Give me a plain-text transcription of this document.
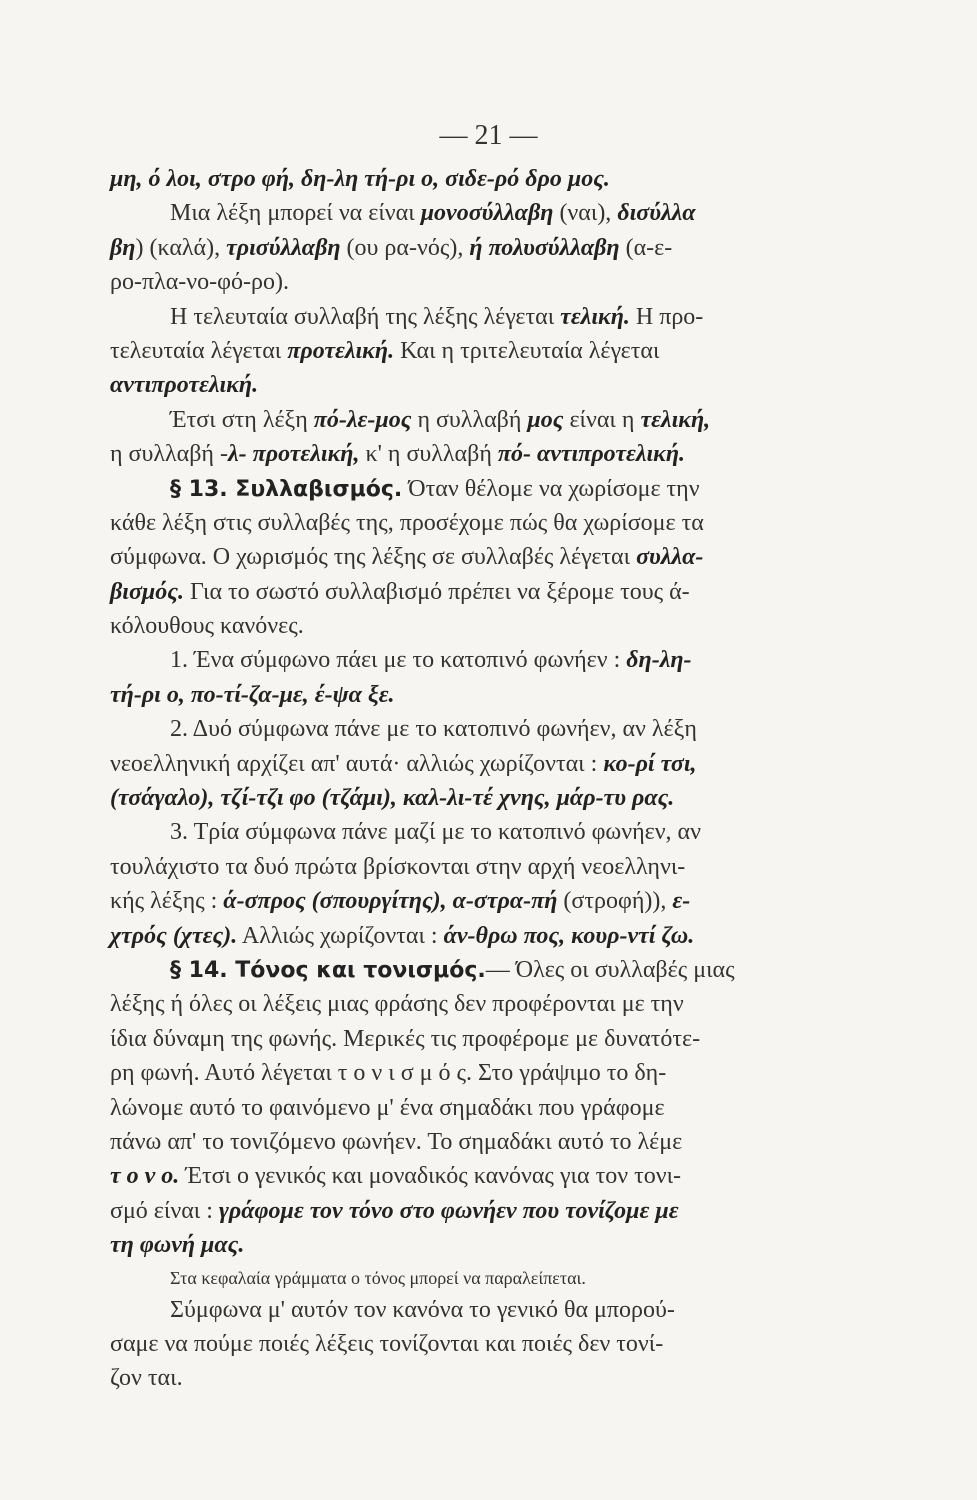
— 21 —
μη, ό λοι, στρο φή, δη-λη τή-ρι ο, σιδε-ρό δρο μος.
Μια λέξη μπορεί να είναι μονοσύλλαβη (ναι), δισύλλα
βη) (καλά), τρισύλλαβη (ου ρα-νός), ή πολυσύλλαβη (α-ε-
ρο-πλα-νο-φό-ρο).
Η τελευταία συλλαβή της λέξης λέγεται τελική. Η προ-
τελευταία λέγεται προτελική. Και η τριτελευταία λέγεται
αντιπροτελική.
Έτσι στη λέξη πό-λε-μος η συλλαβή μος είναι η τελική,
η συλλαβή -λ- προτελική, κ' η συλλαβή πό- αντιπροτελική.
§ 13. Συλλαβισμός. Όταν θέλομε να χωρίσομε την
κάθε λέξη στις συλλαβές της, προσέχομε πώς θα χωρίσομε τα
σύμφωνα. Ο χωρισμός της λέξης σε συλλαβές λέγεται συλλα-
βισμός. Για το σωστό συλλαβισμό πρέπει να ξέρομε τους ά-
κόλουθους κανόνες.
1. Ένα σύμφωνο πάει με το κατοπινό φωνήεν : δη-λη-
τή-ρι ο, πο-τί-ζα-με, έ-ψα ξε.
2. Δυό σύμφωνα πάνε με το κατοπινό φωνήεν, αν λέξη
νεοελληνική αρχίζει απ' αυτά· αλλιώς χωρίζονται : κο-ρί τσι,
(τσάγαλο), τζί-τζι φο (τζάμι), καλ-λι-τέ χνης, μάρ-τυ ρας.
3. Τρία σύμφωνα πάνε μαζί με το κατοπινό φωνήεν, αν
τουλάχιστο τα δυό πρώτα βρίσκονται στην αρχή νεοελληνι-
κής λέξης : ά-σπρος (σπουργίτης), α-στρα-πή (στροφή)), ε-
χτρός (χτες). Αλλιώς χωρίζονται : άν-θρω πος, κουρ-ντί ζω.
§ 14. Τόνος και τονισμός.— Όλες οι συλλαβές μιας
λέξης ή όλες οι λέξεις μιας φράσης δεν προφέρονται με την
ίδια δύναμη της φωνής. Μερικές τις προφέρομε με δυνατότε-
ρη φωνή. Αυτό λέγεται τ ο ν ι σ μ ό ς. Στο γράψιμο το δη-
λώνομε αυτό το φαινόμενο μ' ένα σημαδάκι που γράφομε
πάνω απ' το τονιζόμενο φωνήεν. Το σημαδάκι αυτό το λέμε
τ ο ν ο. Έτσι ο γενικός και μοναδικός κανόνας για τον τονι-
σμό είναι : γράφομε τον τόνο στο φωνήεν που τονίζομε με
τη φωνή μας.
Στα κεφαλαία γράμματα ο τόνος μπορεί να παραλείπεται.
Σύμφωνα μ' αυτόν τον κανόνα το γενικό θα μπορού-
σαμε να πούμε ποιές λέξεις τονίζονται και ποιές δεν τονί-
ζον ται.
